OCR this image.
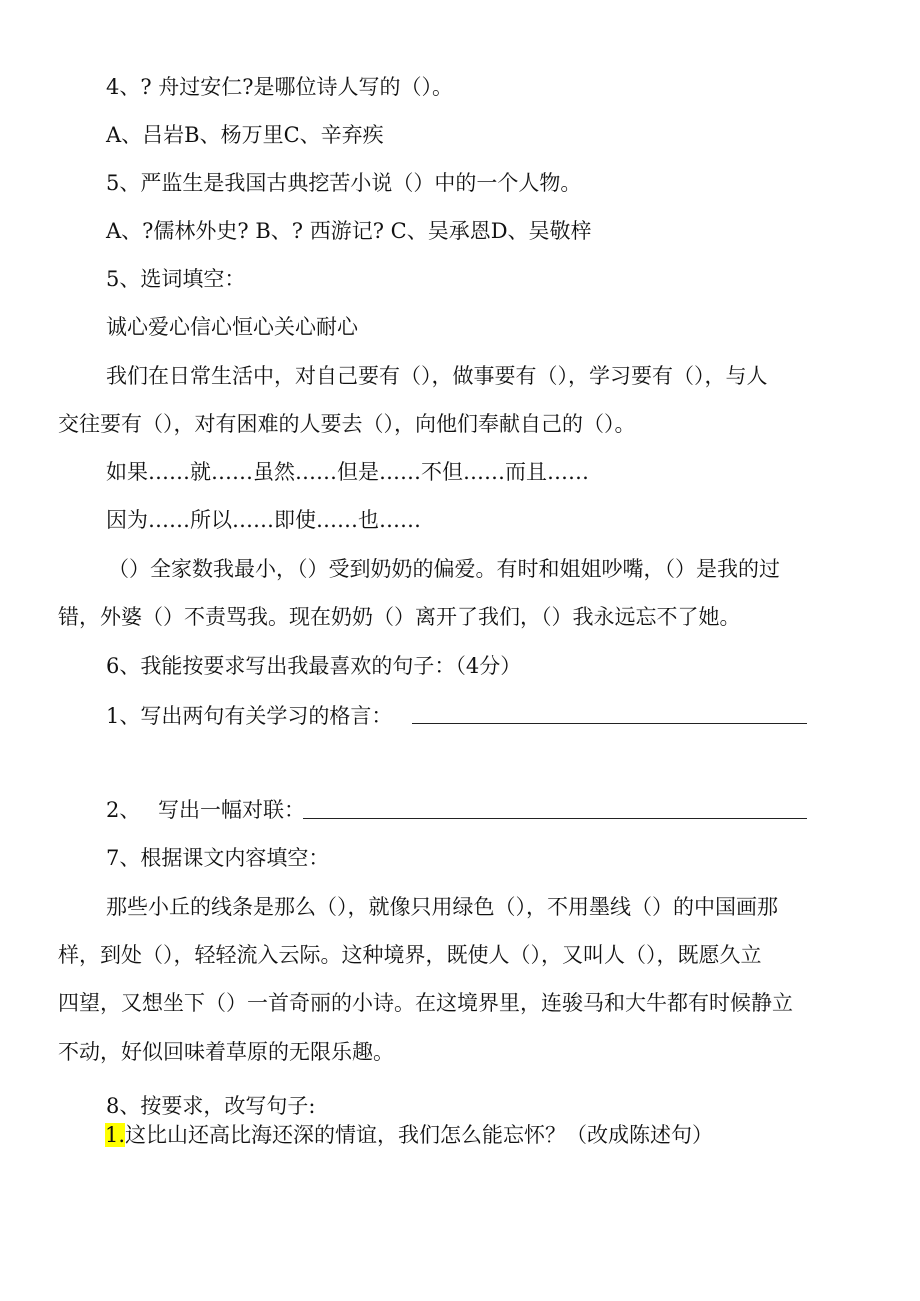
4、? 舟过安仁?是哪位诗人写的（）。
A、吕岩B、杨万里C、辛弃疾
5、严监生是我国古典挖苦小说（）中的一个人物。
A、?儒林外史? B、? 西游记? C、吴承恩D、吴敬梓
5、选词填空：
诚心爱心信心恒心关心耐心
我们在日常生活中，对自己要有（），做事要有（），学习要有（），与人
交往要有（），对有困难的人要去（），向他们奉献自己的（）。
如果……就……虽然……但是……不但……而且……
因为……所以……即使……也……
（）全家数我最小，（）受到奶奶的偏爱。有时和姐姐吵嘴，（）是我的过
错，外婆（）不责骂我。现在奶奶（）离开了我们，（）我永远忘不了她。
6、我能按要求写出我最喜欢的句子：（4分）
1、写出两句有关学习的格言：
2、 写出一幅对联：
7、根据课文内容填空：
那些小丘的线条是那么（），就像只用绿色（），不用墨线（）的中国画那
样，到处（），轻轻流入云际。这种境界，既使人（），又叫人（），既愿久立
四望，又想坐下（）一首奇丽的小诗。在这境界里，连骏马和大牛都有时候静立
不动，好似回味着草原的无限乐趣。
8、按要求，改写句子:
1.这比山还高比海还深的情谊，我们怎么能忘怀？（改成陈述句）
